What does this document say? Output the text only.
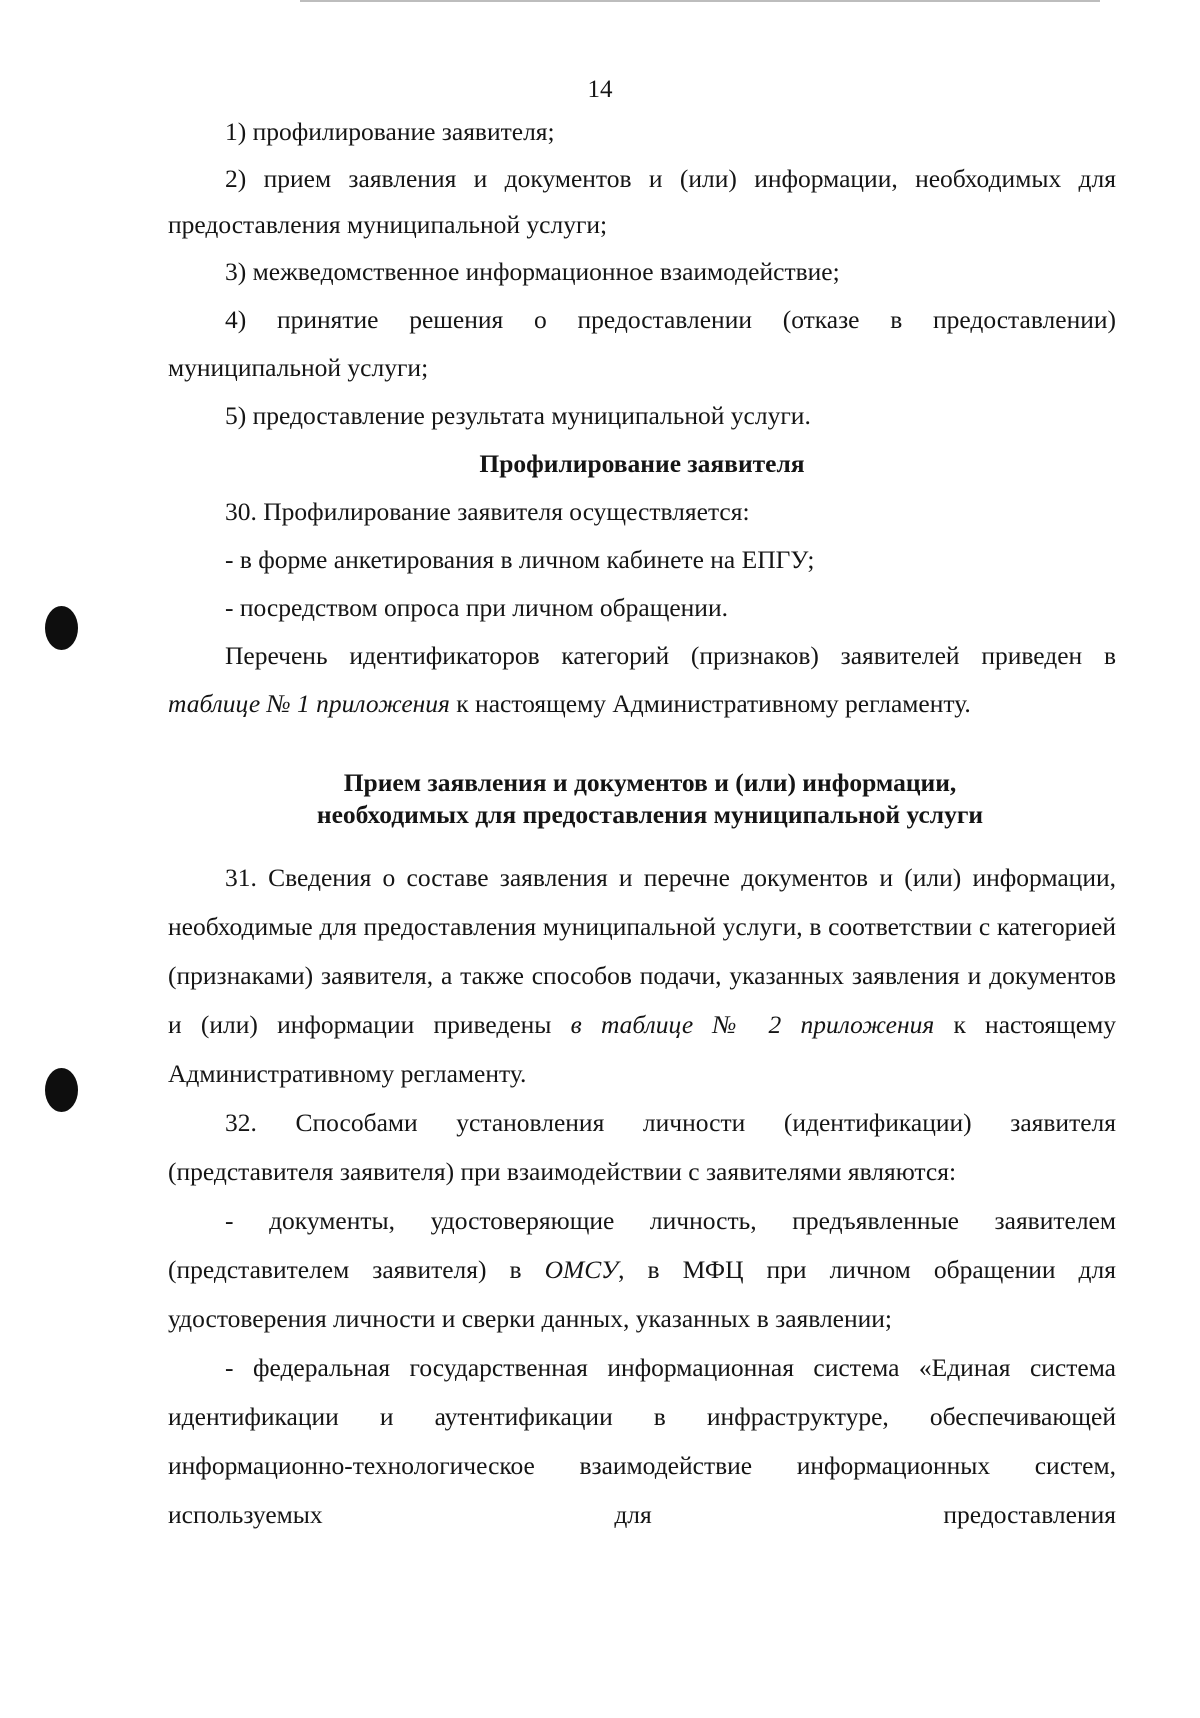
14

1) профилирование заявителя;

2) прием заявления и документов и (или) информации, необходимых для предоставления муниципальной услуги;

3) межведомственное информационное взаимодействие;

4) принятие решения о предоставлении (отказе в предоставлении) муниципальной услуги;

5) предоставление результата муниципальной услуги.

Профилирование заявителя

30. Профилирование заявителя осуществляется:

- в форме анкетирования в личном кабинете на ЕПГУ;

- посредством опроса при личном обращении.

Перечень идентификаторов категорий (признаков) заявителей приведен в таблице № 1 приложения к настоящему Административному регламенту.

Прием заявления и документов и (или) информации,
необходимых для предоставления муниципальной услуги

31. Сведения о составе заявления и перечне документов и (или) информации, необходимые для предоставления муниципальной услуги, в соответствии с категорией (признаками) заявителя, а также способов подачи, указанных заявления и документов и (или) информации приведены в таблице № 2 приложения к настоящему Административному регламенту.

32. Способами установления личности (идентификации) заявителя (представителя заявителя) при взаимодействии с заявителями являются:

- документы, удостоверяющие личность, предъявленные заявителем (представителем заявителя) в ОМСУ, в МФЦ при личном обращении для удостоверения личности и сверки данных, указанных в заявлении;

- федеральная государственная информационная система «Единая система идентификации и аутентификации в инфраструктуре, обеспечивающей информационно-технологическое взаимодействие информационных систем, используемых для предоставления
